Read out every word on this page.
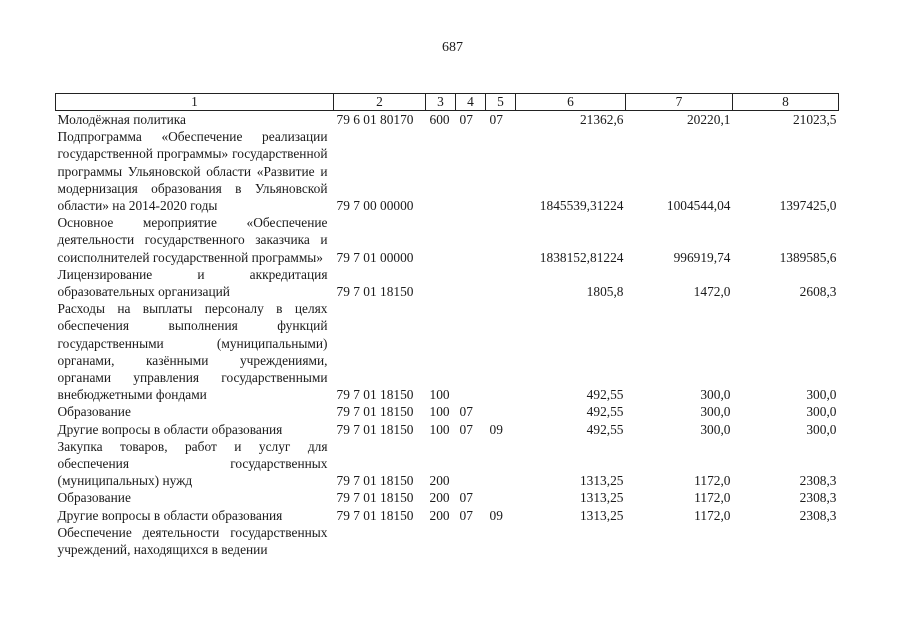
687
1	2	3	4	5	6	7	8
Молодёжная политика	79 6 01 80170	600	07	07	21362,6	20220,1	21023,5
Подпрограмма «Обеспечение реализации государственной программы» государственной программы Ульяновской области «Развитие и модернизация образования в Ульяновской области» на 2014-2020 годы	79 7 00 00000				1845539,31224	1004544,04	1397425,0
Основное мероприятие «Обеспечение деятельности государственного заказчика и соисполнителей государственной программы»	79 7 01 00000				1838152,81224	996919,74	1389585,6
Лицензирование и аккредитация образовательных организаций	79 7 01 18150				1805,8	1472,0	2608,3
Расходы на выплаты персоналу в целях обеспечения выполнения функций государственными (муниципальными) органами, казёнными учреждениями, органами управления государственными внебюджетными фондами	79 7 01 18150	100			492,55	300,0	300,0
Образование	79 7 01 18150	100	07		492,55	300,0	300,0
Другие вопросы в области образования	79 7 01 18150	100	07	09	492,55	300,0	300,0
Закупка товаров, работ и услуг для обеспечения государственных (муниципальных) нужд	79 7 01 18150	200			1313,25	1172,0	2308,3
Образование	79 7 01 18150	200	07		1313,25	1172,0	2308,3
Другие вопросы в области образования	79 7 01 18150	200	07	09	1313,25	1172,0	2308,3
Обеспечение деятельности государственных учреждений, находящихся в ведении							
